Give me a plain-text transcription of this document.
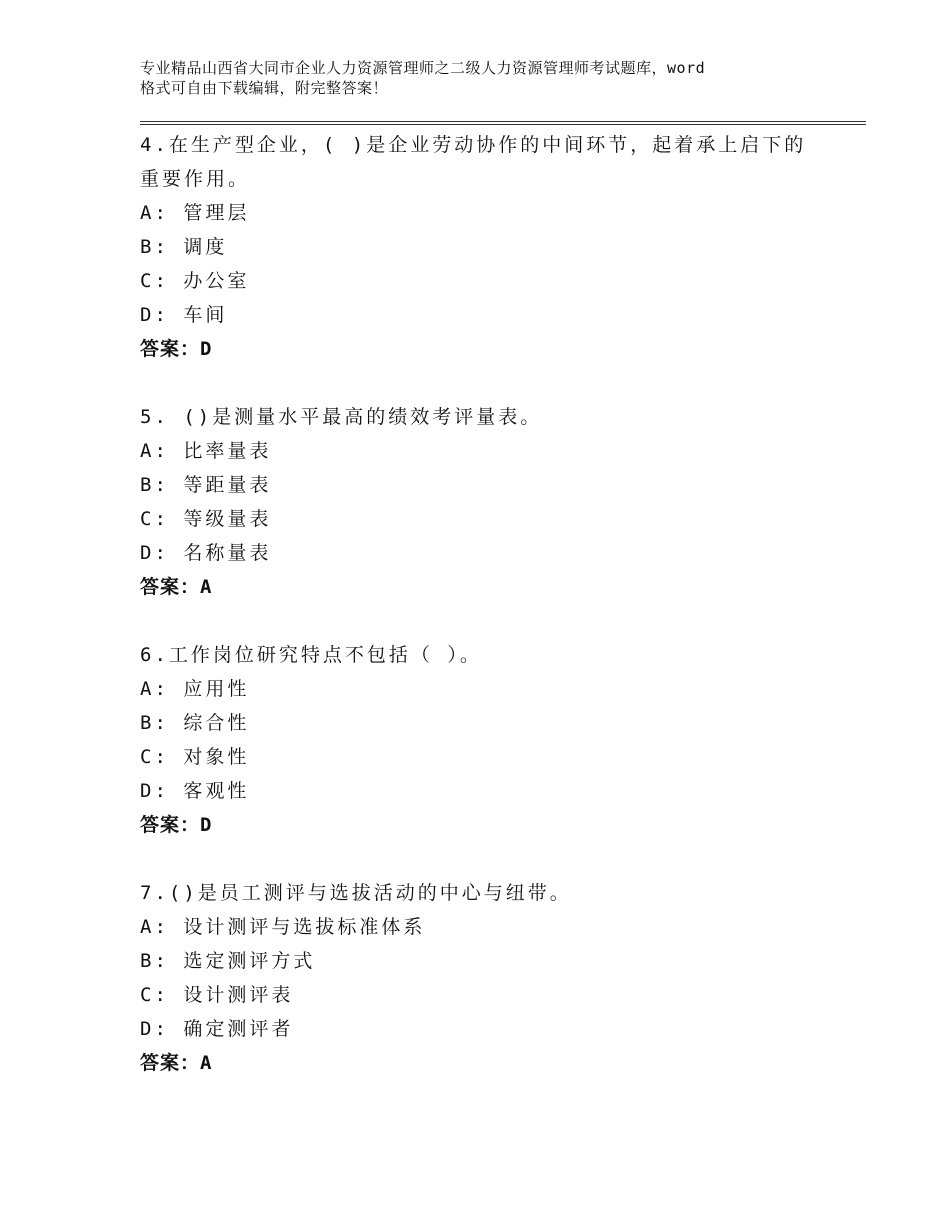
专业精品山西省大同市企业人力资源管理师之二级人力资源管理师考试题库，word
格式可自由下载编辑，附完整答案！
4.在生产型企业，( )是企业劳动协作的中间环节，起着承上启下的重要作用。
A: 管理层
B: 调度
C: 办公室
D: 车间
答案：D
5. ()是测量水平最高的绩效考评量表。
A: 比率量表
B: 等距量表
C: 等级量表
D: 名称量表
答案：A
6.工作岗位研究特点不包括（ ）。
A: 应用性
B: 综合性
C: 对象性
D: 客观性
答案：D
7.()是员工测评与选拔活动的中心与纽带。
A: 设计测评与选拔标准体系
B: 选定测评方式
C: 设计测评表
D: 确定测评者
答案：A
